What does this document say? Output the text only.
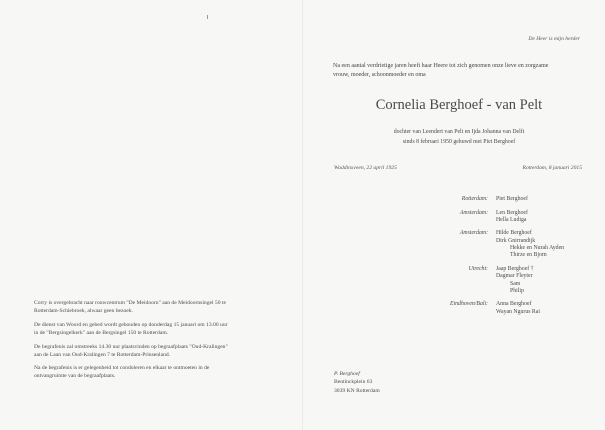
De Heer is mijn herder
Na een aantal verdrietige jaren heeft haar Heere tot zich genomen onze lieve en zorgzame
vrouw, moeder, schoonmoeder en oma
Cornelia Berghoef - van Pelt
dochter van Leendert van Pelt en Ijda Johanna van Delft
sinds 8 februari 1950 gehuwd met Piet Berghoef
Waddinxveen, 22 april 1925	Rotterdam, 8 januari 2015
Rotterdam: Piet Berghoef
Amsterdam: Len Berghoef
Hella Ludiga
Amsterdam: Hilde Berghoef
Dirk Gnirrandijk
Hekke en Nurah Ayden
Thirze en Bjorn
Utrecht: Jaap Berghoef †
Dagmar Fleyter
Sam
Philip
Eindhoven/Bali: Anna Berghoef
Wayan Ngurus Rai
P. Berghoef
Bentinckplein 63
3039 KN Rotterdam

Corry is overgebracht naar rouwcentrum "De Meidoorn" aan de Meidoornsingel 50 te
Rotterdam-Schiebroek, alwaar geen bezoek.

De dienst van Woord en gebed wordt gehouden op donderdag 15 januari om 13.00 uur
in de "Bergsingelkerk" aan de Bergsingel 150 te Rotterdam.

De begrafenis zal omstreeks 14.30 uur plaatsvinden op begraafplaats "Oud-Kralingen"
aan de Laan van Oud-Kralingen 7 te Rotterdam-Prinsenland.

Na de begrafenis is er gelegenheid tot condoleren en elkaar te ontmoeten in de
ontvangruimte van de begraafplaats.
